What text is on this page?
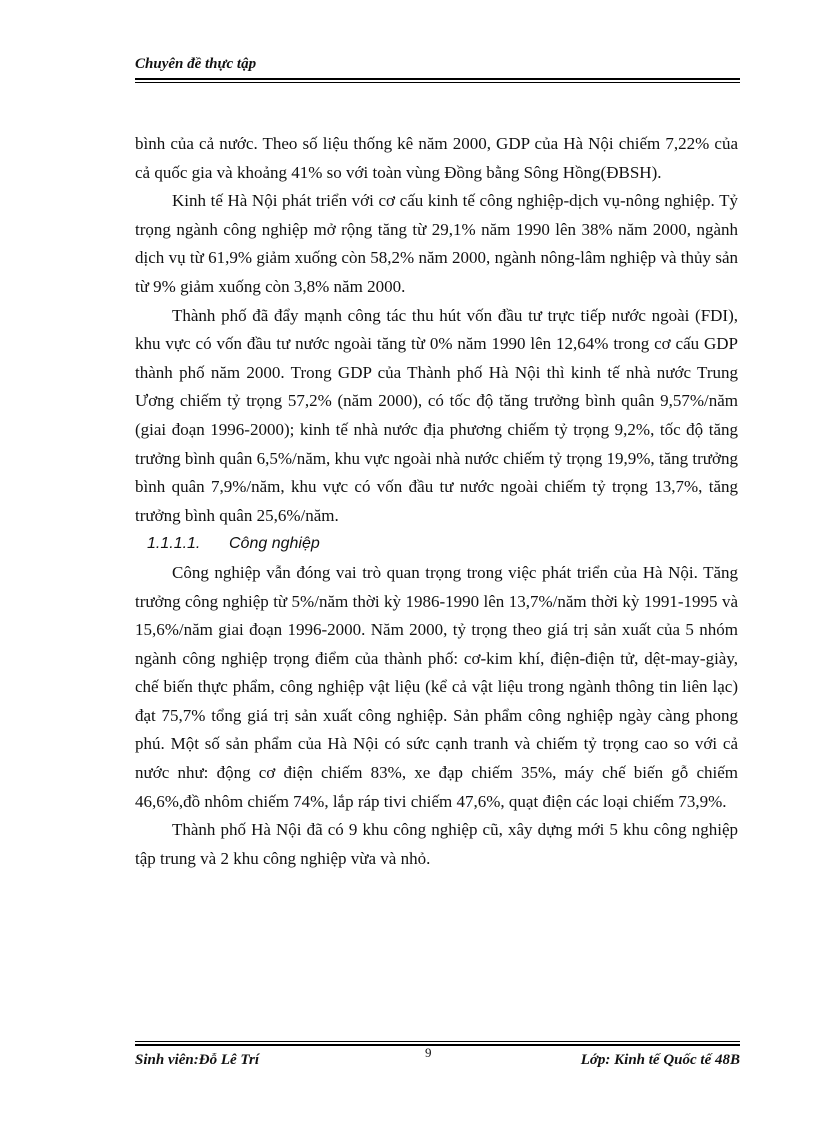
Chuyên đề thực tập

bình của cả nước. Theo số liệu thống kê năm 2000, GDP của Hà Nội chiếm 7,22% của cả quốc gia và khoảng 41% so với toàn vùng Đồng bằng Sông Hồng(ĐBSH).

Kinh tế Hà Nội phát triển với cơ cấu kinh tế công nghiệp-dịch vụ-nông nghiệp. Tỷ trọng ngành công nghiệp mở rộng tăng từ 29,1% năm 1990 lên 38% năm 2000, ngành dịch vụ từ 61,9% giảm xuống còn 58,2% năm 2000, ngành nông-lâm nghiệp và thủy sản từ 9% giảm xuống còn 3,8% năm 2000.

Thành phố đã đẩy mạnh công tác thu hút vốn đầu tư trực tiếp nước ngoài (FDI), khu vực có vốn đầu tư nước ngoài tăng từ 0% năm 1990 lên 12,64% trong cơ cấu GDP thành phố năm 2000. Trong GDP của Thành phố Hà Nội thì kinh tế nhà nước Trung Ương chiếm tỷ trọng 57,2% (năm 2000), có tốc độ tăng trưởng bình quân 9,57%/năm (giai đoạn 1996-2000); kinh tế nhà nước địa phương chiếm tỷ trọng 9,2%, tốc độ tăng trưởng bình quân 6,5%/năm, khu vực ngoài nhà nước chiếm tỷ trọng 19,9%, tăng trưởng bình quân 7,9%/năm, khu vực có vốn đầu tư nước ngoài chiếm tỷ trọng 13,7%, tăng trưởng bình quân 25,6%/năm.

1.1.1.1. Công nghiệp

Công nghiệp vẫn đóng vai trò quan trọng trong việc phát triển của Hà Nội. Tăng trưởng công nghiệp từ 5%/năm thời kỳ 1986-1990 lên 13,7%/năm thời kỳ 1991-1995 và 15,6%/năm giai đoạn 1996-2000. Năm 2000, tỷ trọng theo giá trị sản xuất của 5 nhóm ngành công nghiệp trọng điểm của thành phố: cơ-kim khí, điện-điện tử, dệt-may-giày, chế biến thực phẩm, công nghiệp vật liệu (kể cả vật liệu trong ngành thông tin liên lạc) đạt 75,7% tổng giá trị sản xuất công nghiệp. Sản phẩm công nghiệp ngày càng phong phú. Một số sản phẩm của Hà Nội có sức cạnh tranh và chiếm tỷ trọng cao so với cả nước như: động cơ điện chiếm 83%, xe đạp chiếm 35%, máy chế biến gỗ chiếm 46,6%,đồ nhôm chiếm 74%, lắp ráp tivi chiếm 47,6%, quạt điện các loại chiếm 73,9%.

Thành phố Hà Nội đã có 9 khu công nghiệp cũ, xây dựng mới 5 khu công nghiệp tập trung và 2 khu công nghiệp vừa và nhỏ.

Sinh viên:Đỗ Lê Trí	9	Lớp: Kinh tế Quốc tế 48B
